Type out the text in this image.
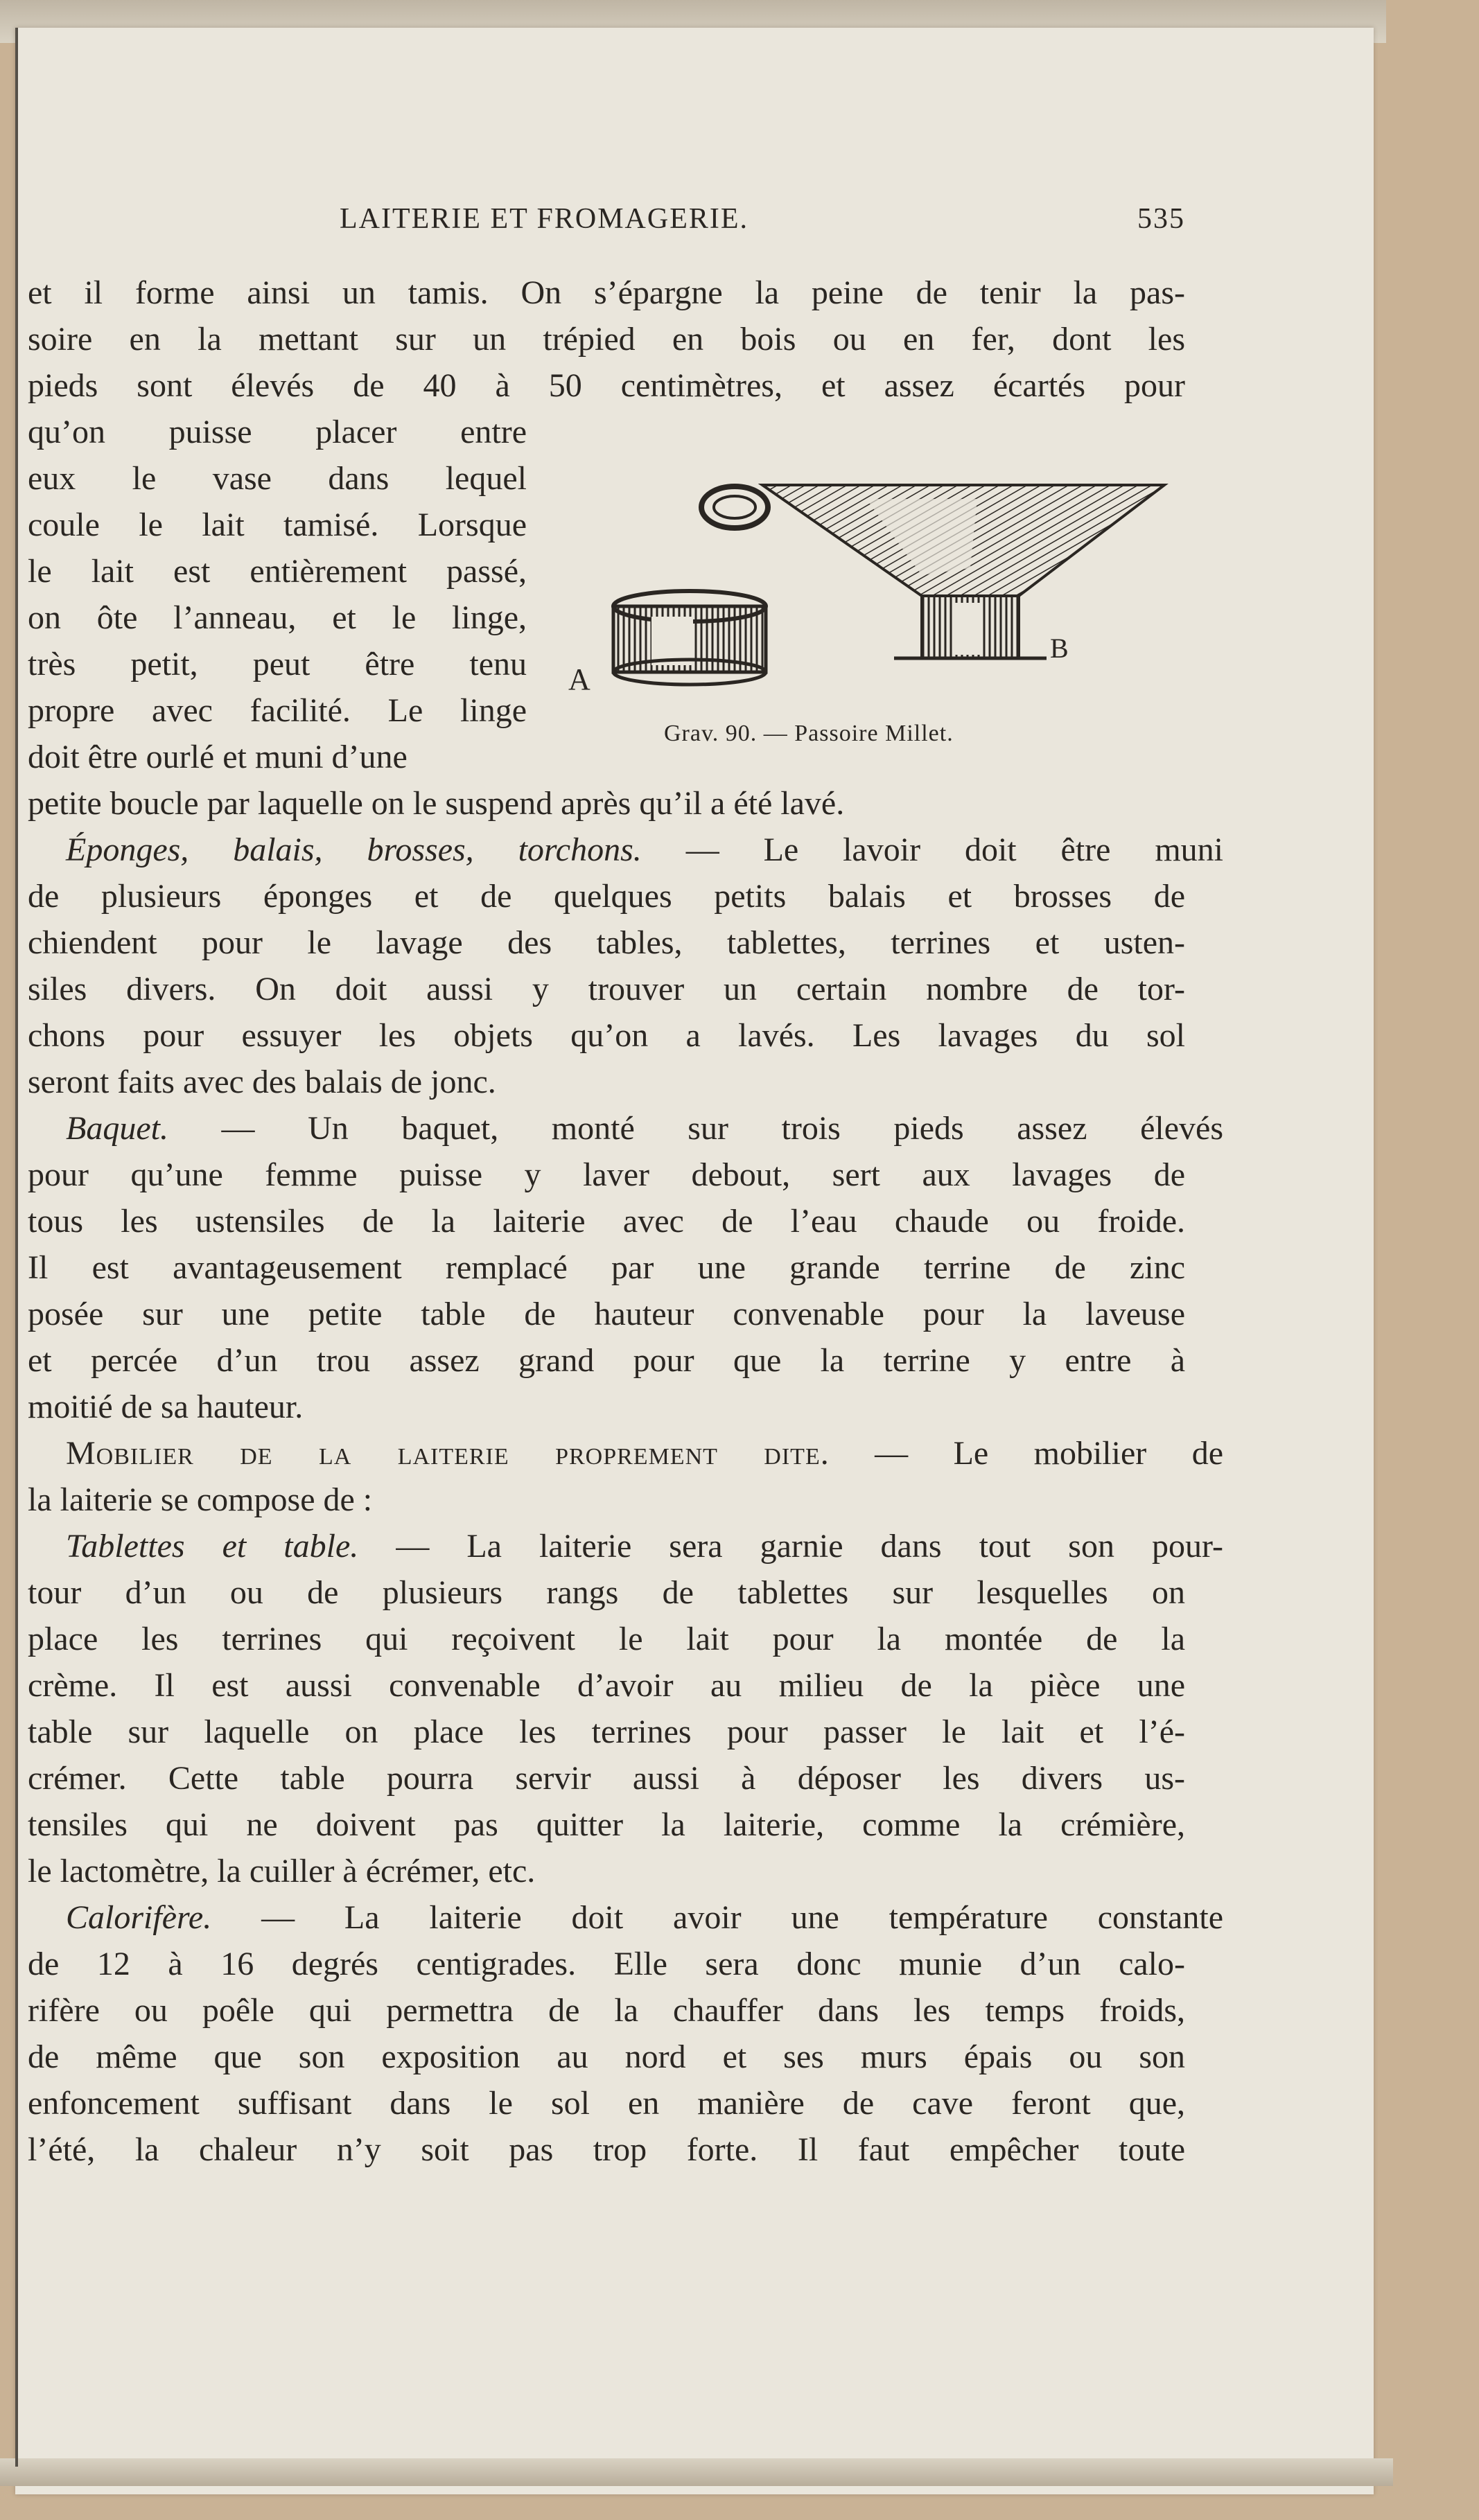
LAITERIE ET FROMAGERIE.	535
et il forme ainsi un tamis. On s’épargne la peine de tenir la pas-
soire en la mettant sur un trépied en bois ou en fer, dont les
pieds sont élevés de 40 à 50 centimètres, et assez écartés pour
qu’on puisse placer entre
eux le vase dans lequel
coule le lait tamisé. Lorsque
le lait est entièrement passé,
on ôte l’anneau, et le linge,
très petit, peut être tenu
propre avec facilité. Le linge
doit être ourlé et muni d’une
petite boucle par laquelle on le suspend après qu’il a été lavé.
Éponges, balais, brosses, torchons. — Le lavoir doit être muni
de plusieurs éponges et de quelques petits balais et brosses de
chiendent pour le lavage des tables, tablettes, terrines et usten-
siles divers. On doit aussi y trouver un certain nombre de tor-
chons pour essuyer les objets qu’on a lavés. Les lavages du sol
seront faits avec des balais de jonc.
Baquet. — Un baquet, monté sur trois pieds assez élevés
pour qu’une femme puisse y laver debout, sert aux lavages de
tous les ustensiles de la laiterie avec de l’eau chaude ou froide.
Il est avantageusement remplacé par une grande terrine de zinc
posée sur une petite table de hauteur convenable pour la laveuse
et percée d’un trou assez grand pour que la terrine y entre à
moitié de sa hauteur.
Mobilier de la laiterie proprement dite. — Le mobilier de
la laiterie se compose de :
Tablettes et table. — La laiterie sera garnie dans tout son pour-
tour d’un ou de plusieurs rangs de tablettes sur lesquelles on
place les terrines qui reçoivent le lait pour la montée de la
crème. Il est aussi convenable d’avoir au milieu de la pièce une
table sur laquelle on place les terrines pour passer le lait et l’é-
crémer. Cette table pourra servir aussi à déposer les divers us-
tensiles qui ne doivent pas quitter la laiterie, comme la crémière,
le lactomètre, la cuiller à écrémer, etc.
Calorifère. — La laiterie doit avoir une température constante
de 12 à 16 degrés centigrades. Elle sera donc munie d’un calo-
rifère ou poêle qui permettra de la chauffer dans les temps froids,
de même que son exposition au nord et ses murs épais ou son
enfoncement suffisant dans le sol en manière de cave feront que,
l’été, la chaleur n’y soit pas trop forte. Il faut empêcher toute
A
B
Grav. 90. — Passoire Millet.
